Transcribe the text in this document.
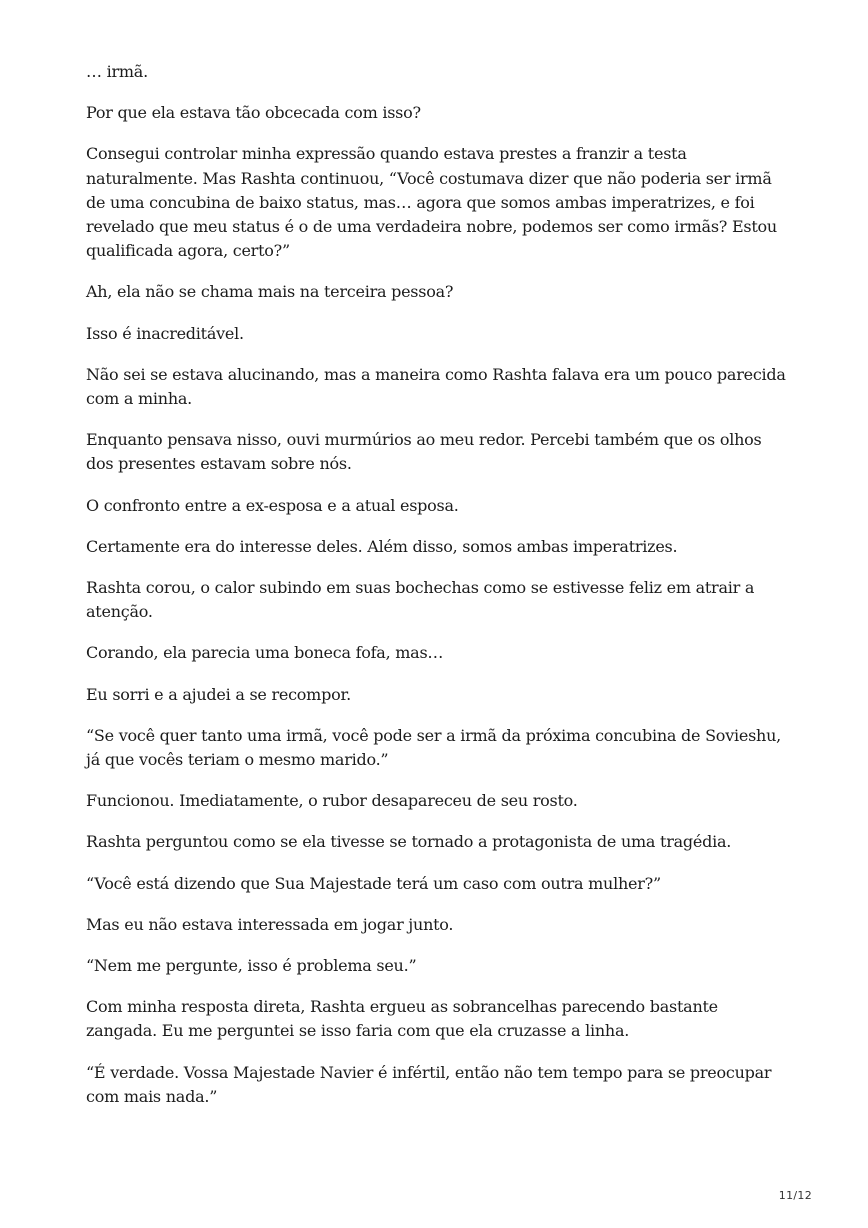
… irmã.

Por que ela estava tão obcecada com isso?

Consegui controlar minha expressão quando estava prestes a franzir a testa naturalmente. Mas Rashta continuou, “Você costumava dizer que não poderia ser irmã de uma concubina de baixo status, mas… agora que somos ambas imperatrizes, e foi revelado que meu status é o de uma verdadeira nobre, podemos ser como irmãs? Estou qualificada agora, certo?”

Ah, ela não se chama mais na terceira pessoa?

Isso é inacreditável.

Não sei se estava alucinando, mas a maneira como Rashta falava era um pouco parecida com a minha.

Enquanto pensava nisso, ouvi murmúrios ao meu redor. Percebi também que os olhos dos presentes estavam sobre nós.

O confronto entre a ex-esposa e a atual esposa.

Certamente era do interesse deles. Além disso, somos ambas imperatrizes.

Rashta corou, o calor subindo em suas bochechas como se estivesse feliz em atrair a atenção.

Corando, ela parecia uma boneca fofa, mas…

Eu sorri e a ajudei a se recompor.

“Se você quer tanto uma irmã, você pode ser a irmã da próxima concubina de Sovieshu, já que vocês teriam o mesmo marido.”

Funcionou. Imediatamente, o rubor desapareceu de seu rosto.

Rashta perguntou como se ela tivesse se tornado a protagonista de uma tragédia.

“Você está dizendo que Sua Majestade terá um caso com outra mulher?”

Mas eu não estava interessada em jogar junto.

“Nem me pergunte, isso é problema seu.”

Com minha resposta direta, Rashta ergueu as sobrancelhas parecendo bastante zangada. Eu me perguntei se isso faria com que ela cruzasse a linha.

“É verdade. Vossa Majestade Navier é infértil, então não tem tempo para se preocupar com mais nada.”

11/12
